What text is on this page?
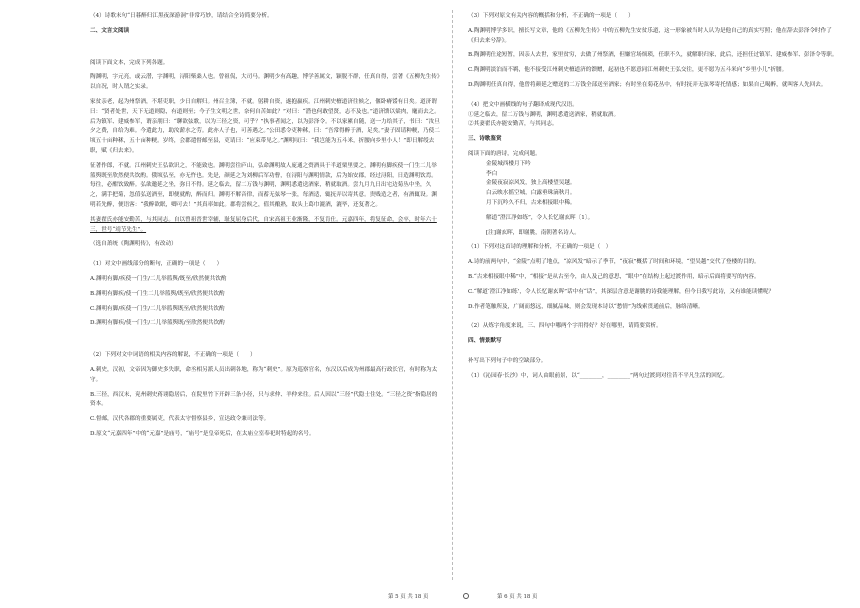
（4）诗歌末句“日暮醉归江黑夜深游洞”非常巧妙，请结合全诗简要分析。

二、文言文阅读

阅读下面文本，完成下列各题。

陶渊明，字元亮，或云潜，字渊明，浔阳柴桑人也。曾祖侃，大司马。渊明少有高趣，博学善属文，颖脱不群，任真自得，尝著《五柳先生传》以自况，时人谓之实录。

家贫亲老，起为州祭酒，不堪吏职，少日自解归。州召主簿，不就。躬耕自资，遂抱羸疾。江州刺史檀道济往候之，偃卧瘠馁有日矣。道济谓曰：“贤者处世，天下无道则隐，有道则至；今子生文明之世，奈何自苦如此？”对曰：“潜也何敢望贤，志不及也。”道济馈以粱肉，麾而去之。后为镇军、建威参军，谓亲朋曰：“聊欲弦歌，以为三径之资，可乎？”执事者闻之，以为彭泽令。不以家累自随，送一力给其子，书曰：“汝旦夕之费，自给为难。今遣此力，助汝薪水之劳。此亦人子也，可善遇之。”公田悉令吏种秫，曰：“吾常得醉于酒，足矣。”妻子固请种粳，乃使二顷五十亩种秫，五十亩种粳。岁终，会郡遣督邮至县，吏请曰：“应束带见之。”渊明叹曰：“我岂能为五斗米，折腰向乡里小人！”即日解绶去职，赋《归去来》。

征著作郎，不就。江州刺史王弘欲识之，不能致也。渊明尝往庐山，弘命渊明故人庞通之赍酒具于半道栗里要之，渊明有脚疾使一门生二儿举篮舆既至欣然便共饮酌。俄顷弘至，亦无忤也。先是，颜延之为刘柳后军功曹，在浔阳与渊明情款，后为始安郡，经过浔阳，日造渊明饮焉。每往，必酣饮致醉。弘欲邀延之坐，弥日不得。延之临去，留二万钱与渊明，渊明悉遣送酒家，稍就取酒。尝九月九日出宅边菊丛中坐，久之，满手把菊，忽值弘送酒至，即便就酌，醉而归。渊明不解音律，而蓄无弦琴一张，每酒适，辄抚弄以寄其意。贵贱造之者，有酒辄设。渊明若先醉，便语客：“我醉欲眠，卿可去！”其真率如此。郡将尝候之，值其酿熟，取头上葛巾漉酒，漉毕，还复著之。

其妻翟氏亦能安勤苦，与其同志。自以曾祖晋世宰辅，耻复屈身后代，自宋高祖王业渐隆，不复肯仕。元嘉四年，将复征命，会卒，时年六十三，世号“靖节先生”。

（选自萧统《陶渊明传》，有改动）

（1）对文中画线部分的断句，正确的一项是（　　）

A.渊明有脚/疾使一门生/二儿举篮舆/既至/欣然便共饮酌

B.渊明有脚疾/使一门生二儿举篮舆/既至/欣然便共饮酌

C.渊明有脚/疾使一门生/二儿举篮舆既至/欣然便共饮酌

D.渊明有脚疾/使一门生/二儿举篮舆既/至欣然便共饮酌

（2）下列对文中词语的相关内容的解说，不正确的一项是（　　）

A.刺史，汉初，文帝因为御史多失职，命丞相另派人员出刺各地，称为“刺史”。原为巡察官名，东汉以后成为州郡最高行政长官，有时称为太守。

B.三径，西汉末，兖州刺史蒋诩隐居后，在院里竹下开辟三条小径，只与求仲、羊仲来往。后人因以“三径”代隐士住处。“三径之资”指隐居的资本。

C.督邮，汉代各郡的重要属吏，代表太守督察县乡，宣达政令兼司法等。

D.原文“元嘉四年”中的“元嘉”是庙号，“庙号”是皇帝死后，在太庙立室奉祀时特起的名号。

（3）下列对原文有关内容的概括和分析，不正确的一项是（　　）

A.陶渊明博学多识，擅长写文章，他的《五柳先生传》中的五柳先生安贫乐道，这一形象被当时人认为是他自己的真实写照；他在辞去彭泽令时作了《归去来兮辞》。

B.陶渊明仕途短暂，因亲人去世，家里贫穷，去做了州祭酒，但嫌官场烦琐，任职不久，就解职归家，此后，还担任过镇军、建威参军、彭泽令等职。

C.陶渊明淡泊而不羁，他不接受江州刺史檀道济的馈赠，起初也不愿意同江州刺史王弘交往，更不愿为五斗米向“乡里小儿”折腰。

D.陶渊明任真自得，他曾将颜延之赠送的二万钱全部送至酒家；有时坐在菊花丛中，有时抚弄无弦琴寄托情感；如果自己喝醉，就叫客人先回去。

（4）把文中画横线的句子翻译成现代汉语。

①延之临去，留二万钱与渊明，渊明悉遣送酒家，稍就取酒。

②其妻翟氏亦能安勤苦，与其同志。

三、诗歌鉴赏

阅读下面的唐诗，完成问题。

金陵城西楼月下吟

李白

金陵夜寂凉风发，独上高楼望吴越。

白云映水摇空城，白露垂珠滴秋月。

月下沉吟久不归，古来相接眼中稀。

解道“澄江净如练”，令人长忆谢玄晖〔1〕。

[注]谢玄晖，即谢朓，南朝著名诗人。

（1）下列对这首诗的理解和分析，不正确的一项是（　）

A.诗的前两句中，“金陵”点明了地点，“凉风发”暗示了季节，“夜寂”概括了时间和环境，“望吴越”交代了登楼的目的。

B.“古来相接眼中稀”中，“相接”是从古至今，由人及己的意思，“眼中”在结构上起过渡作用，暗示后面将要写的内容。

C.“解道‘澄江净如练’，令人长忆谢玄晖”话中有“话”，其深层含意是谢朓的诗我能理解，但今日我写此诗，又有谁能读懂呢？

D.作者笔触所及，广阔而悠远，细腻品味，则会发现本诗以“愁情”为线索贯通前后，脉络清晰。

（2）从炼字角度来说，三、四句中哪两个字用得好？好在哪里，请简要赏析。

四、情景默写

补写出下列句子中的空缺部分。

（1）《沁园春·长沙》中，词人由眼前景，以“________，________”两句过渡到对往昔不平凡生活的回忆。

第 5 页 共 18 页	第 6 页 共 18 页
